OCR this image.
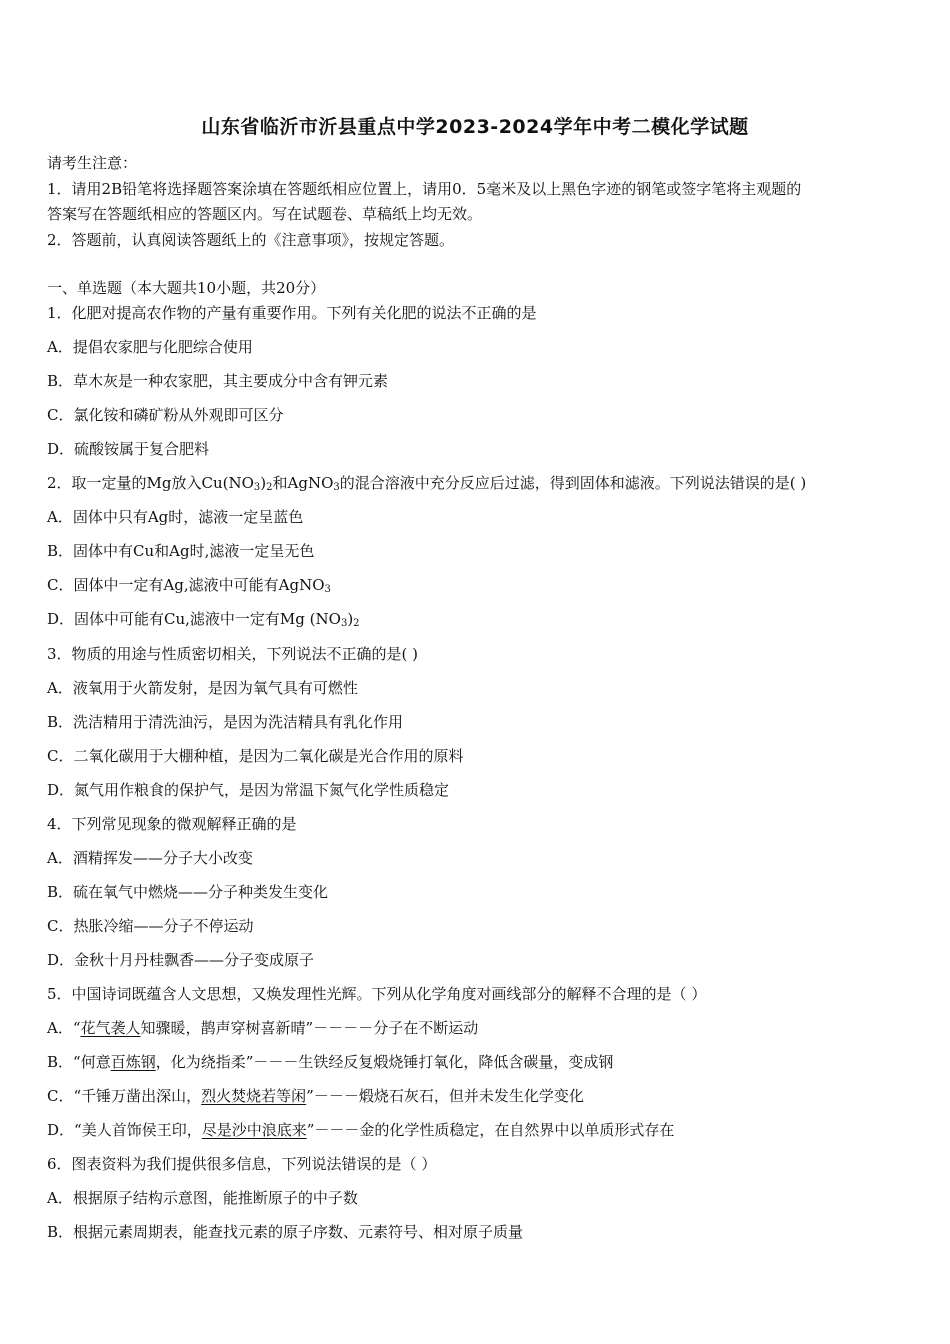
山东省临沂市沂县重点中学2023-2024学年中考二模化学试题
请考生注意：
1．请用2B铅笔将选择题答案涂填在答题纸相应位置上，请用0．5毫米及以上黑色字迹的钢笔或签字笔将主观题的
答案写在答题纸相应的答题区内。写在试题卷、草稿纸上均无效。
2．答题前，认真阅读答题纸上的《注意事项》，按规定答题。
一、单选题（本大题共10小题，共20分）
1．化肥对提高农作物的产量有重要作用。下列有关化肥的说法不正确的是
A．提倡农家肥与化肥综合使用
B．草木灰是一种农家肥，其主要成分中含有钾元素
C．氯化铵和磷矿粉从外观即可区分
D．硫酸铵属于复合肥料
2．取一定量的Mg放入$Cu(NO_3)_2$和AgNO$_3$的混合溶液中充分反应后过滤，得到固体和滤液。下列说法错误的是( )
A．固体中只有Ag时，滤液一定呈蓝色
B．固体中有Cu和Ag时,滤液一定呈无色
C．固体中一定有Ag,滤液中可能有AgNO$_3$
D．固体中可能有Cu,滤液中一定有Mg $(NO_3)_2$
3．物质的用途与性质密切相关，下列说法不正确的是( )
A．液氧用于火箭发射，是因为氧气具有可燃性
B．洗洁精用于清洗油污，是因为洗洁精具有乳化作用
C．二氧化碳用于大棚种植，是因为二氧化碳是光合作用的原料
D．氮气用作粮食的保护气，是因为常温下氮气化学性质稳定
4．下列常见现象的微观解释正确的是
A．酒精挥发——分子大小改变
B．硫在氧气中燃烧——分子种类发生变化
C．热胀冷缩——分子不停运动
D．金秋十月丹桂飘香——分子变成原子
5．中国诗词既蕴含人文思想，又焕发理性光辉。下列从化学角度对画线部分的解释不合理的是（ ）
A．“花气袭人知骤暖，鹊声穿树喜新晴”－－－－分子在不断运动
B．“何意百炼钢，化为绕指柔”－－－生铁经反复煅烧锤打氧化，降低含碳量，变成钢
C．“千锤万凿出深山，烈火焚烧若等闲”－－－煅烧石灰石，但并未发生化学变化
D．“美人首饰侯王印，尽是沙中浪底来”－－－金的化学性质稳定，在自然界中以单质形式存在
6．图表资料为我们提供很多信息，下列说法错误的是（ ）
A．根据原子结构示意图，能推断原子的中子数
B．根据元素周期表，能查找元素的原子序数、元素符号、相对原子质量
